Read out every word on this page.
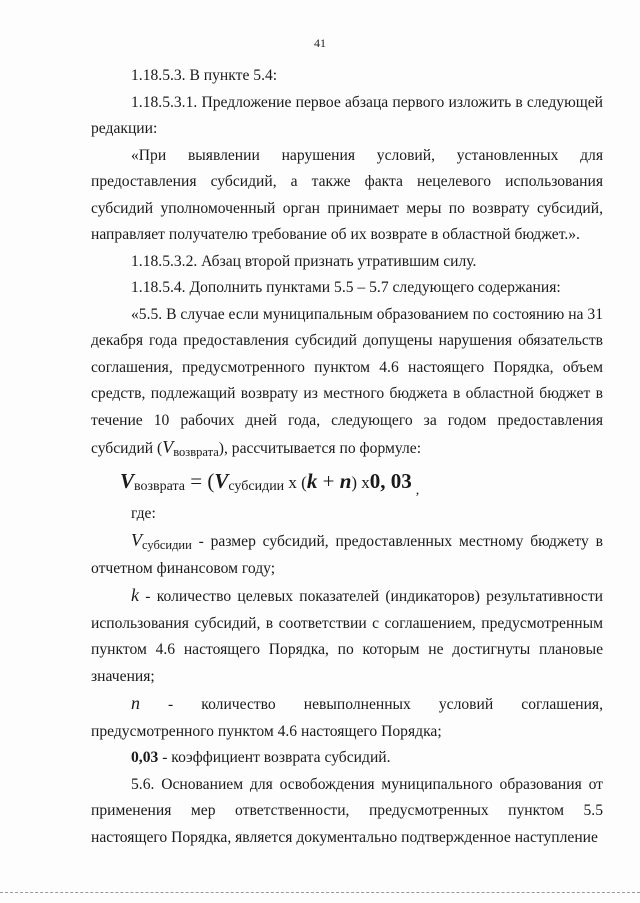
41

1.18.5.3. В пункте 5.4:

1.18.5.3.1. Предложение первое абзаца первого изложить в следующей редакции:

«При выявлении нарушения условий, установленных для предоставления субсидий, а также факта нецелевого использования субсидий уполномоченный орган принимает меры по возврату субсидий, направляет получателю требование об их возврате в областной бюджет.».

1.18.5.3.2. Абзац второй признать утратившим силу.

1.18.5.4. Дополнить пунктами 5.5 – 5.7 следующего содержания:

«5.5. В случае если муниципальным образованием по состоянию на 31 декабря года предоставления субсидий допущены нарушения обязательств соглашения, предусмотренного пунктом 4.6 настоящего Порядка, объем средств, подлежащий возврату из местного бюджета в областной бюджет в течение 10 рабочих дней года, следующего за годом предоставления субсидий (Vвозврата), рассчитывается по формуле:

Vвозврата = (Vсубсидии х (k + n) х0, 03 $_,$

где:

Vсубсидии - размер субсидий, предоставленных местному бюджету в отчетном финансовом году;

k - количество целевых показателей (индикаторов) результативности использования субсидий, в соответствии с соглашением, предусмотренным пунктом 4.6 настоящего Порядка, по которым не достигнуты плановые значения;

n - количество невыполненных условий соглашения, предусмотренного пунктом 4.6 настоящего Порядка;

0,03 - коэффициент возврата субсидий.

5.6. Основанием для освобождения муниципального образования от применения мер ответственности, предусмотренных пунктом 5.5 настоящего Порядка, является документально подтвержденное наступление
